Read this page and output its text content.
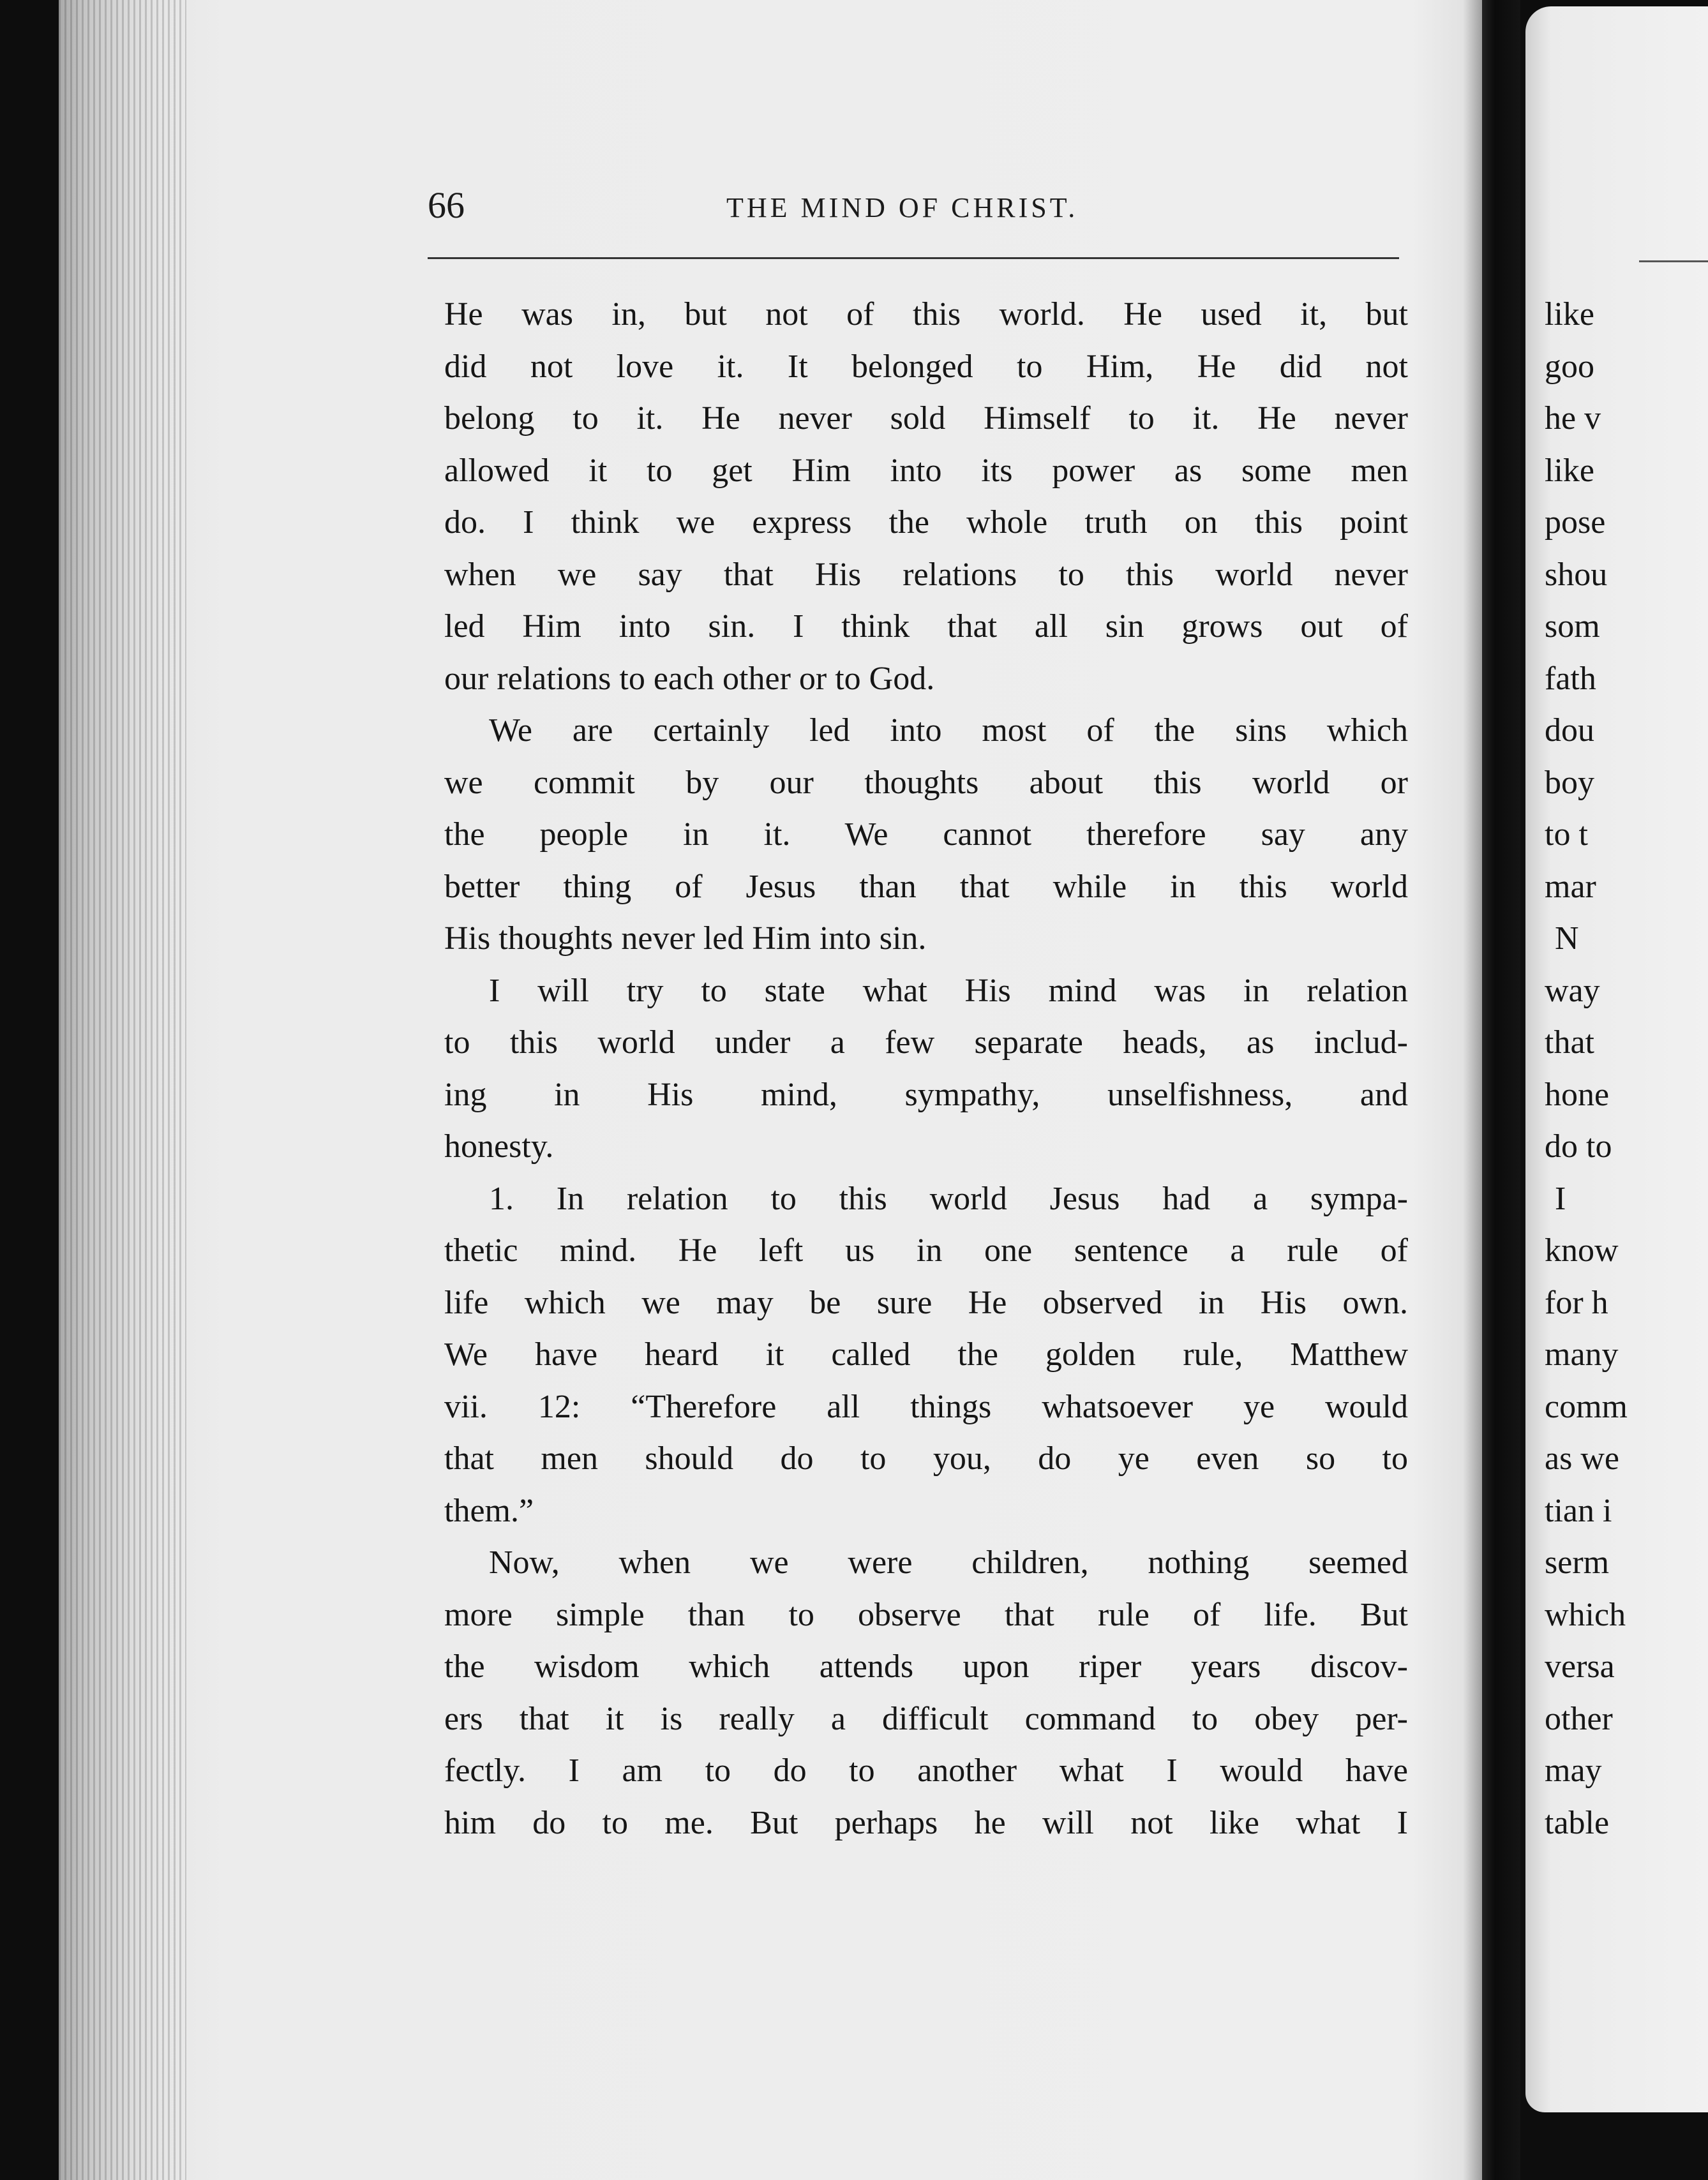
66	THE MIND OF CHRIST.
He was in, but not of this world. He used it, but
did not love it. It belonged to Him, He did not
belong to it. He never sold Himself to it. He never
allowed it to get Him into its power as some men
do. I think we express the whole truth on this point
when we say that His relations to this world never
led Him into sin. I think that all sin grows out of
our relations to each other or to God.
We are certainly led into most of the sins which
we commit by our thoughts about this world or
the people in it. We cannot therefore say any
better thing of Jesus than that while in this world
His thoughts never led Him into sin.
I will try to state what His mind was in relation
to this world under a few separate heads, as includ-
ing in His mind, sympathy, unselfishness, and
honesty.
1. In relation to this world Jesus had a sympa-
thetic mind. He left us in one sentence a rule of
life which we may be sure He observed in His own.
We have heard it called the golden rule, Matthew
vii. 12: “Therefore all things whatsoever ye would
that men should do to you, do ye even so to
them.”
Now, when we were children, nothing seemed
more simple than to observe that rule of life. But
the wisdom which attends upon riper years discov-
ers that it is really a difficult command to obey per-
fectly. I am to do to another what I would have
him do to me. But perhaps he will not like what I
like
goo
he v
like
pose
shou
som
fath
dou
boy
to t
mar
N
way
that
hone
do to
I
know
for h
many
comm
as we
tian i
serm
which
versa
other
may
table
